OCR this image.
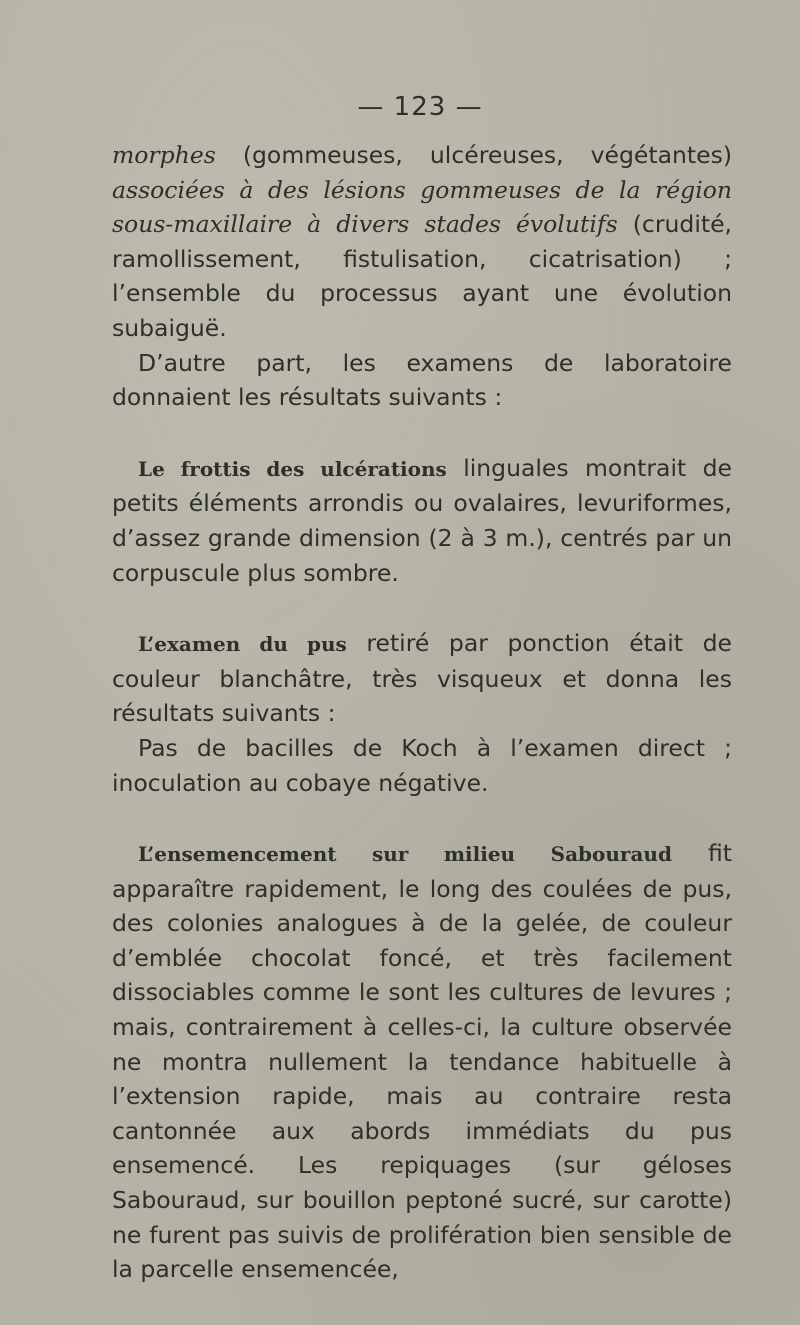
— 123 —

morphes (gommeuses, ulcéreuses, végétantes) associées à des lésions gommeuses de la région sous-maxillaire à divers stades évolutifs (crudité, ramollissement, fistulisation, cicatrisation) ; l’ensemble du processus ayant une évolution subaiguë.

D’autre part, les examens de laboratoire donnaient les résultats suivants :

Le frottis des ulcérations linguales montrait de petits éléments arrondis ou ovalaires, levuriformes, d’assez grande dimension (2 à 3 m.), centrés par un corpuscule plus sombre.

L’examen du pus retiré par ponction était de couleur blanchâtre, très visqueux et donna les résultats suivants :

Pas de bacilles de Koch à l’examen direct ; inoculation au cobaye négative.

L’ensemencement sur milieu Sabouraud fit apparaître rapidement, le long des coulées de pus, des colonies analogues à de la gelée, de couleur d’emblée chocolat foncé, et très facilement dissociables comme le sont les cultures de levures ; mais, contrairement à celles-ci, la culture observée ne montra nullement la tendance habituelle à l’extension rapide, mais au contraire resta cantonnée aux abords immédiats du pus ensemencé. Les repiquages (sur géloses Sabouraud, sur bouillon peptoné sucré, sur carotte) ne furent pas suivis de prolifération bien sensible de la parcelle ensemencée,
